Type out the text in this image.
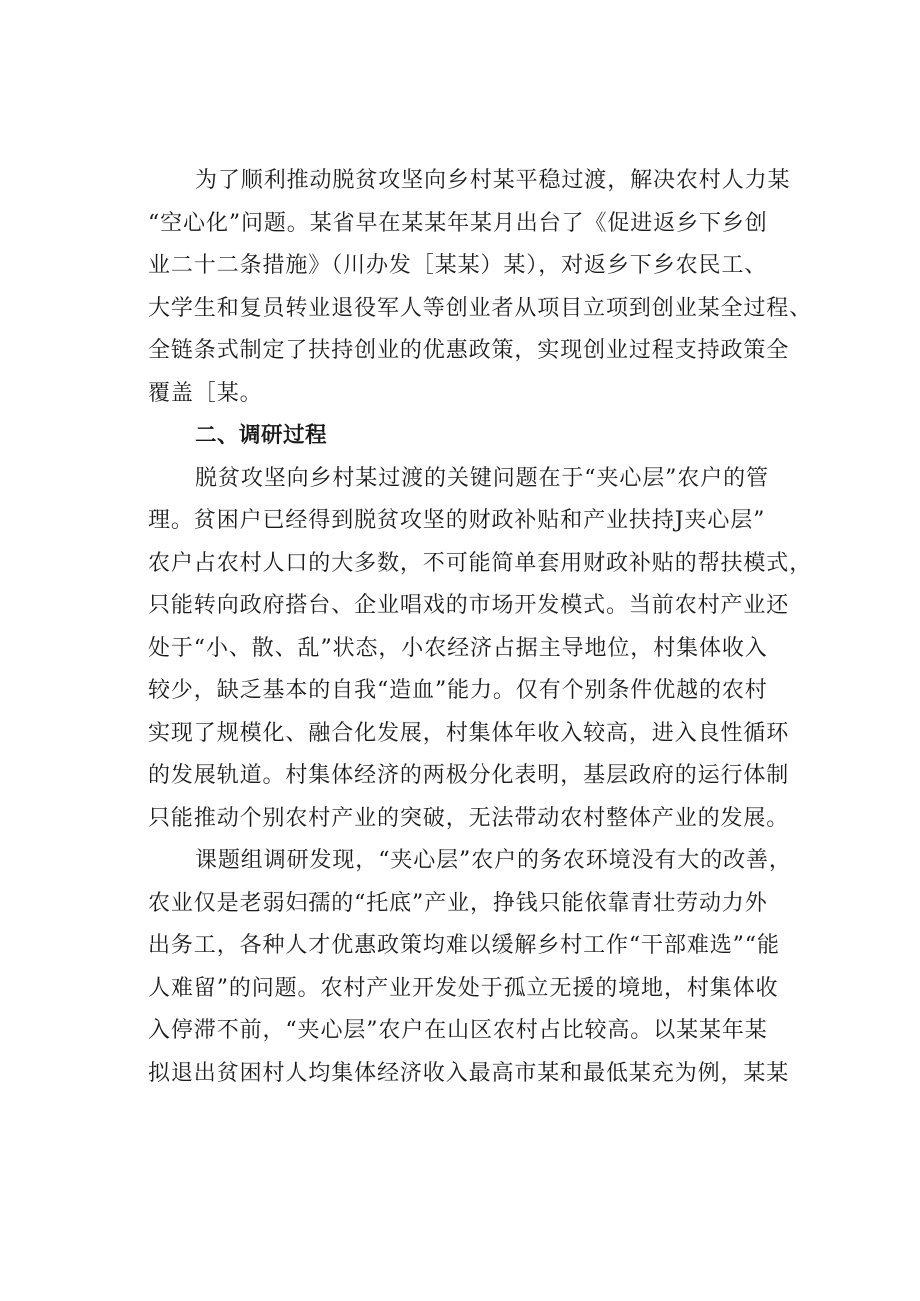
为了顺利推动脱贫攻坚向乡村某平稳过渡，解决农村人力某
“空心化”问题。某省早在某某年某月出台了《促进返乡下乡创
业二十二条措施》（川办发［某某）某），对返乡下乡农民工、
大学生和复员转业退役军人等创业者从项目立项到创业某全过程、
全链条式制定了扶持创业的优惠政策，实现创业过程支持政策全
覆盖［某。
二、调研过程
脱贫攻坚向乡村某过渡的关键问题在于“夹心层”农户的管
理。贫困户已经得到脱贫攻坚的财政补贴和产业扶持J夹心层”
农户占农村人口的大多数，不可能简单套用财政补贴的帮扶模式，
只能转向政府搭台、企业唱戏的市场开发模式。当前农村产业还
处于“小、散、乱”状态，小农经济占据主导地位，村集体收入
较少，缺乏基本的自我“造血”能力。仅有个别条件优越的农村
实现了规模化、融合化发展，村集体年收入较高，进入良性循环
的发展轨道。村集体经济的两极分化表明，基层政府的运行体制
只能推动个别农村产业的突破，无法带动农村整体产业的发展。
课题组调研发现，“夹心层”农户的务农环境没有大的改善，
农业仅是老弱妇孺的“托底”产业，挣钱只能依靠青壮劳动力外
出务工，各种人才优惠政策均难以缓解乡村工作“干部难选”“能
人难留”的问题。农村产业开发处于孤立无援的境地，村集体收
入停滞不前，“夹心层”农户在山区农村占比较高。以某某年某
拟退出贫困村人均集体经济收入最高市某和最低某充为例，某某
